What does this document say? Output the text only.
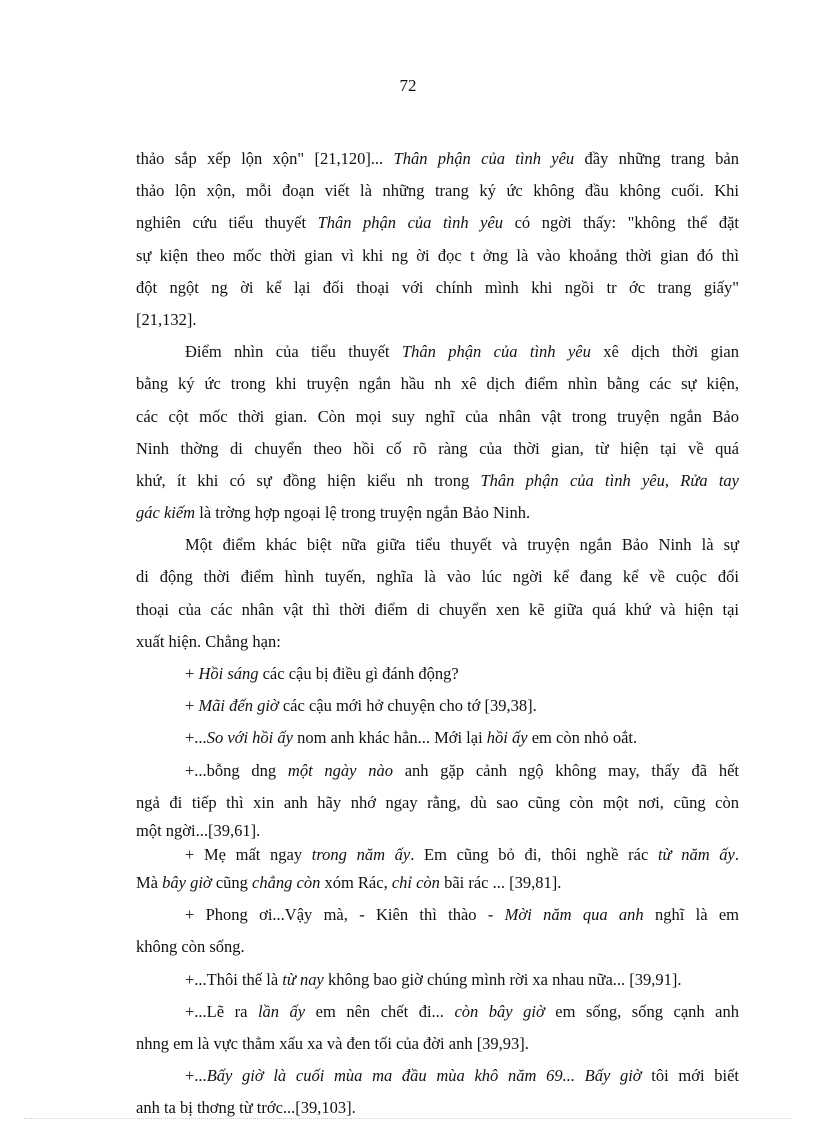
72
thảo sắp xếp lộn xộn" [21,120]... Thân phận của tình yêu đầy những trang bản
thảo lộn xộn, mỗi đoạn viết là những trang ký ức không đầu không cuối. Khi
nghiên cứu tiểu thuyết Thân phận của tình yêu có ngời thấy: "không thể đặt
sự kiện theo mốc thời gian vì khi ng ời đọc t ởng là vào khoảng thời gian đó thì
đột ngột ng ời kể lại đối thoại với chính mình khi ngồi tr ớc trang giấy"
[21,132].
Điểm nhìn của tiểu thuyết Thân phận của tình yêu xê dịch thời gian
bằng ký ức trong khi truyện ngắn hầu nh xê dịch điểm nhìn bằng các sự kiện,
các cột mốc thời gian. Còn mọi suy nghĩ của nhân vật trong truyện ngắn Bảo
Ninh thờng di chuyển theo hồi cố rõ ràng của thời gian, từ hiện tại về quá
khứ, ít khi có sự đồng hiện kiểu nh trong Thân phận của tình yêu, Rửa tay
gác kiếm là trờng hợp ngoại lệ trong truyện ngắn Bảo Ninh.
Một điểm khác biệt nữa giữa tiểu thuyết và truyện ngắn Bảo Ninh là sự
di động thời điểm hình tuyến, nghĩa là vào lúc ngời kể đang kể về cuộc đối
thoại của các nhân vật thì thời điểm di chuyển xen kẽ giữa quá khứ và hiện tại
xuất hiện. Chẳng hạn:
+ Hồi sáng các cậu bị điều gì đánh động?
+ Mãi đến giờ các cậu mới hở chuyện cho tớ [39,38].
+...So với hồi ấy nom anh khác hẳn... Mới lại hồi ấy em còn nhỏ oắt.
+...bỗng dng một ngày nào anh gặp cảnh ngộ không may, thấy đã hết
ngả đi tiếp thì xin anh hãy nhớ ngay rằng, dù sao cũng còn một nơi, cũng còn
một ngời...[39,61].
+ Mẹ mất ngay trong năm ấy. Em cũng bỏ đi, thôi nghề rác từ năm ấy.
Mà bây giờ cũng chẳng còn xóm Rác, chỉ còn bãi rác ... [39,81].
+ Phong ơi...Vậy mà, - Kiên thì thào - Mời năm qua anh nghĩ là em
không còn sống.
+...Thôi thế là từ nay không bao giờ chúng mình rời xa nhau nữa... [39,91].
+...Lẽ ra lần ấy em nên chết đi... còn bây giờ em sống, sống cạnh anh
nhng em là vực thẳm xấu xa và đen tối của đời anh [39,93].
+...Bấy giờ là cuối mùa ma đầu mùa khô năm 69... Bấy giờ tôi mới biết
anh ta bị thơng từ trớc...[39,103].
